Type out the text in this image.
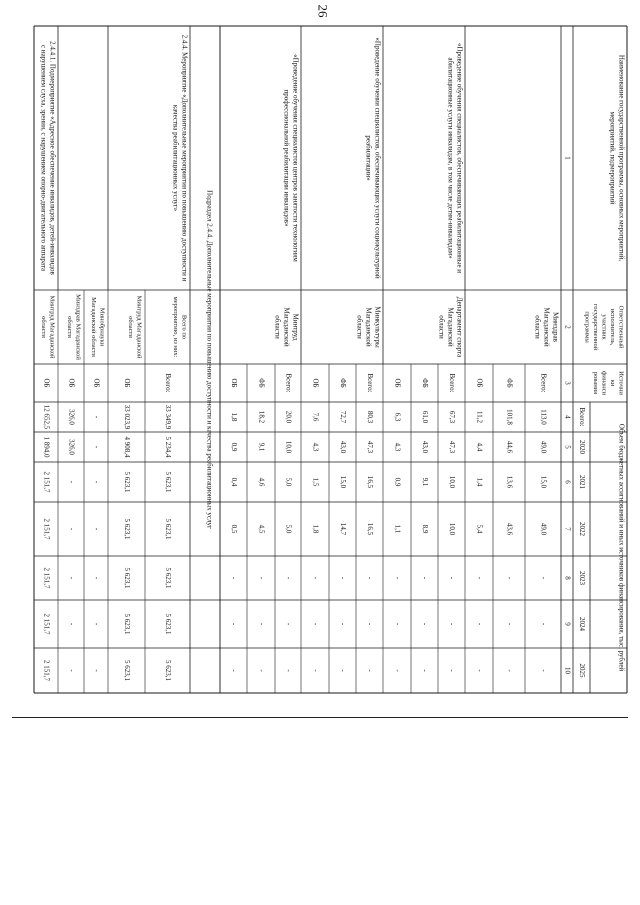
26
Наименование государственной программы, основных мероприятий,
мероприятий, подмероприятий
Ответственный
исполнитель,
участник
государственной
программы
Источни
ки
финанси
рования
Объем бюджетных ассигнований и иных источников финансирования, тыс. рублей
Всего:
2020
2021
2022
2023
2024
2025
1
2
3
4
5
6
7
8
9
10
Подраздел 2.4.4. Дополнительные мероприятия по повышению доступности и качества реабилитационных услуг	Минздрав
Магаданской
области
«Проведение обучения специалистов, обеспечивающих реабилитационные и
абилитационные услуги инвалидам, в том числе детям-инвалидам»
Департамент спорта
Магаданской
области
«Проведение обучения специалистов, обеспечивающих услуги социокультурной
реабилитации»
Минкультуры
Магаданской
области
«Проведение обучения специалистов центров занятости технологиям
профессиональной реабилитации инвалидов»
Минтруд
Магаданской
области
Всего:
113,0
49,0
15,0
49,0
-
-
-
ФБ
101,8
44,6
13,6
43,6
-
-
-
ОБ
11,2
4,4
1,4
5,4
-
-
-
Всего:
67,3
47,3
10,0
10,0
-
-
-
ФБ
61,0
43,0
9,1
8,9
-
-
-
ОБ
6,3
4,3
0,9
1,1
-
-
-
Всего:
80,3
47,3
16,5
16,5
-
-
-
ФБ
72,7
43,0
15,0
14,7
-
-
-
ОБ
7,6
4,3
1,5
1,8
-
-
-
Всего:
20,0
10,0
5,0
5,0
-
-
-
ФБ
18,2
9,1
4,6
4,5
-
-
-
ОБ
1,8
0,9
0,4
0,5
-
-
-
2.4.4. Мероприятие «Дополнительные мероприятия по повышению доступности и
качества реабилитационных услуг»
2.4.4.1. Подмероприятие «Адресное обеспечение инвалидов, детей-инвалидов
с нарушением слуха, зрения, с нарушением опорно-двигательного аппарата
Всего по
мероприятию, из них:
Всего:
33 349,9
5 234,4
5 623,1
5 623,1
5 623,1
5 623,1
5 623,1
Минтруд Магаданской
области
ОБ
33 023,9
4 908,4
5 623,1
5 623,1
5 623,1
5 623,1
5 623,1
Минобрнауки
Магаданской области
ОБ
-
-
-
-
-
-
-
Минздрав Магаданской
области
ОБ
326,0
326,0
-
-
-
-
-
Минтруд Магаданской
области
ОБ
12 652,5
1 894,0
2 151,7
2 151,7
2 151,7
2 151,7
2 151,7
